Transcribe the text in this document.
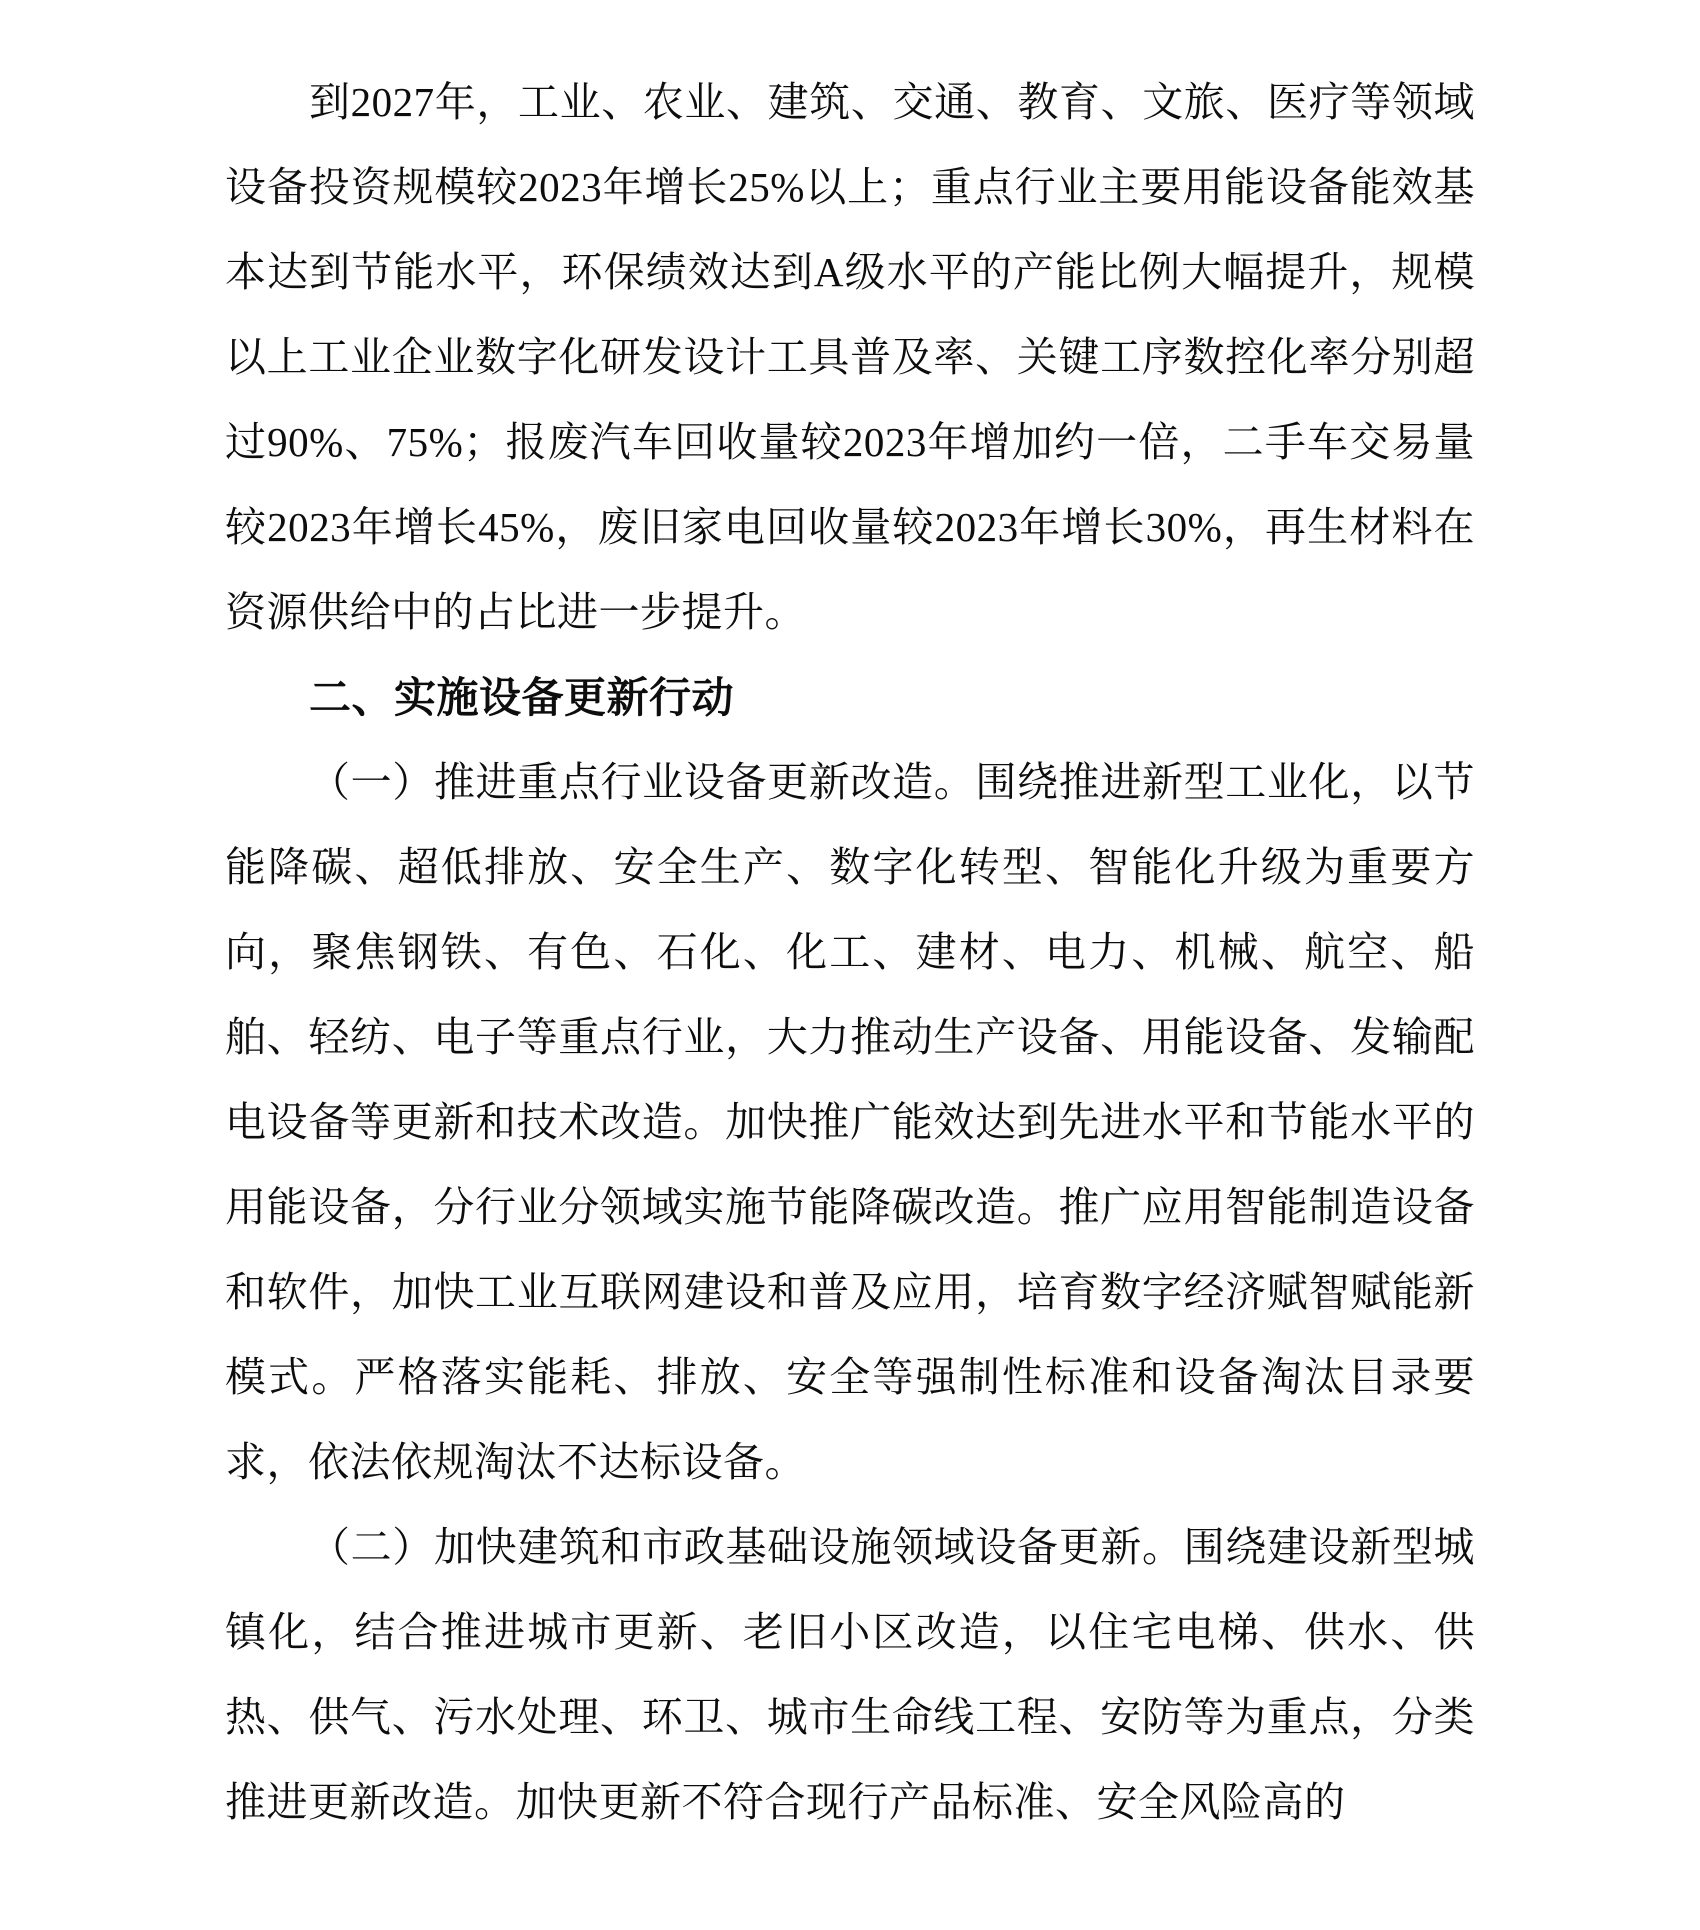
到2027年，工业、农业、建筑、交通、教育、文旅、医疗等领域设备投资规模较2023年增长25%以上；重点行业主要用能设备能效基本达到节能水平，环保绩效达到A级水平的产能比例大幅提升，规模以上工业企业数字化研发设计工具普及率、关键工序数控化率分别超过90%、75%；报废汽车回收量较2023年增加约一倍，二手车交易量较2023年增长45%，废旧家电回收量较2023年增长30%，再生材料在资源供给中的占比进一步提升。

二、实施设备更新行动

（一）推进重点行业设备更新改造。围绕推进新型工业化，以节能降碳、超低排放、安全生产、数字化转型、智能化升级为重要方向，聚焦钢铁、有色、石化、化工、建材、电力、机械、航空、船舶、轻纺、电子等重点行业，大力推动生产设备、用能设备、发输配电设备等更新和技术改造。加快推广能效达到先进水平和节能水平的用能设备，分行业分领域实施节能降碳改造。推广应用智能制造设备和软件，加快工业互联网建设和普及应用，培育数字经济赋智赋能新模式。严格落实能耗、排放、安全等强制性标准和设备淘汰目录要求，依法依规淘汰不达标设备。

（二）加快建筑和市政基础设施领域设备更新。围绕建设新型城镇化，结合推进城市更新、老旧小区改造，以住宅电梯、供水、供热、供气、污水处理、环卫、城市生命线工程、安防等为重点，分类推进更新改造。加快更新不符合现行产品标准、安全风险高的
